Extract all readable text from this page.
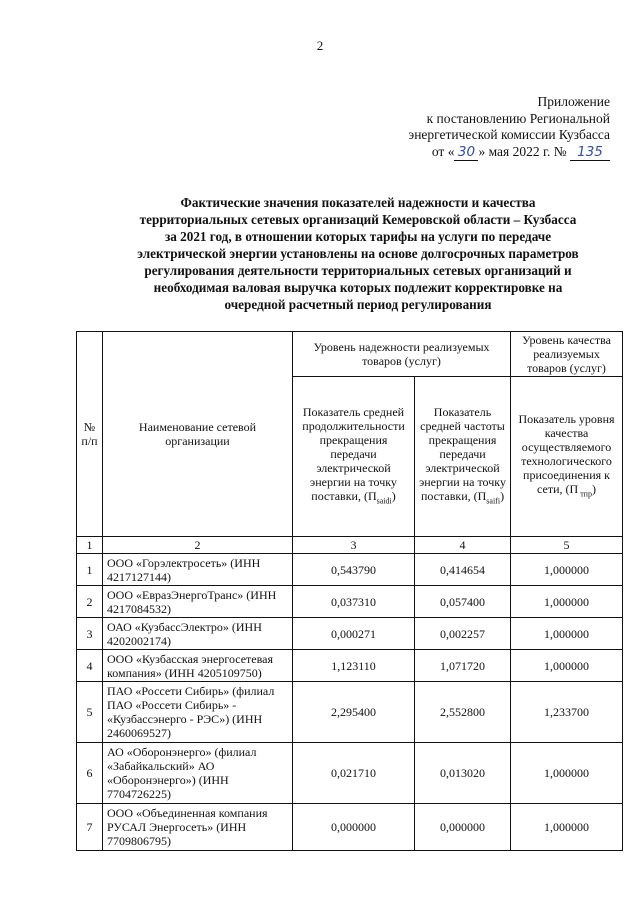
2
Приложение
к постановлению Региональной
энергетической комиссии Кузбасса
от « 30 » мая 2022 г. № 135
Фактические значения показателей надежности и качества
территориальных сетевых организаций Кемеровской области – Кузбасса
за 2021 год, в отношении которых тарифы на услуги по передаче
электрической энергии установлены на основе долгосрочных параметров
регулирования деятельности территориальных сетевых организаций и
необходимая валовая выручка которых подлежит корректировке на
очередной расчетный период регулирования
№ п/п	Наименование сетевой организации	Уровень надежности реализуемых товаров (услуг)		Уровень качества реализуемых товаров (услуг)
		Показатель средней продолжительности прекращения передачи электрической энергии на точку поставки, $(П_{saidi})$	Показатель средней частоты прекращения передачи электрической энергии на точку поставки, $(П_{saifi})$	Показатель уровня качества осуществляемого технологического присоединения к сети, (П $_{тпр}$)
1	2	3	4	5
1	ООО «Горэлектросеть» (ИНН 4217127144)	0,543790	0,414654	1,000000
2	ООО «ЕвразЭнергоТранс» (ИНН 4217084532)	0,037310	0,057400	1,000000
3	ОАО «КузбассЭлектро» (ИНН 4202002174)	0,000271	0,002257	1,000000
4	ООО «Кузбасская энергосетевая компания» (ИНН 4205109750)	1,123110	1,071720	1,000000
5	ПАО «Россети Сибирь» (филиал ПАО «Россети Сибирь» - «Кузбассэнерго - РЭС») (ИНН 2460069527)	2,295400	2,552800	1,233700
6	АО «Оборонэнерго» (филиал «Забайкальский» АО «Оборонэнерго») (ИНН 7704726225)	0,021710	0,013020	1,000000
7	ООО «Объединенная компания РУСАЛ Энергосеть» (ИНН 7709806795)	0,000000	0,000000	1,000000
